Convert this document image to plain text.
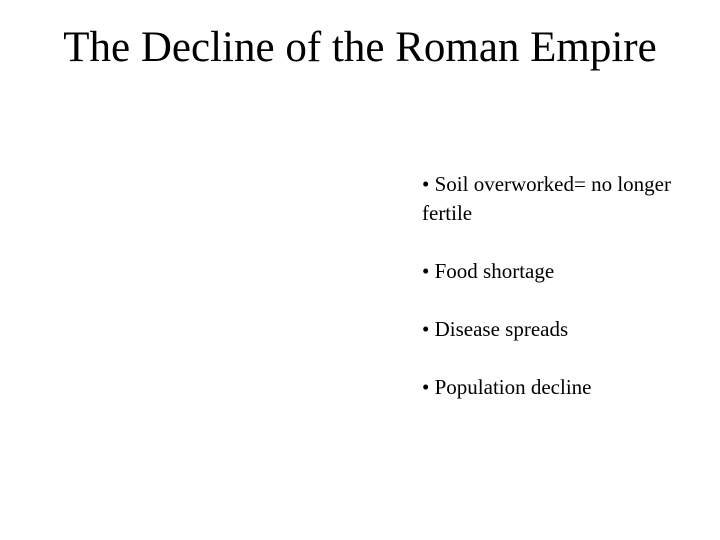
The Decline of the Roman Empire
• Soil overworked= no longer fertile
• Food shortage
• Disease spreads
• Population decline
